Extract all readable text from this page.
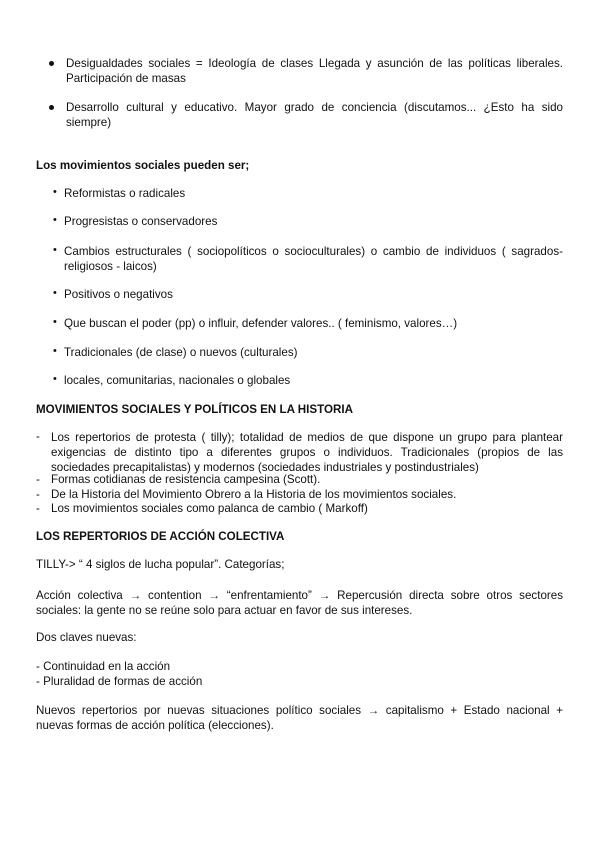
Desigualdades sociales = Ideología de clases Llegada y asunción de las políticas liberales. Participación de masas
Desarrollo cultural y educativo. Mayor grado de conciencia (discutamos... ¿Esto ha sido siempre)
Los movimientos sociales pueden ser;
• Reformistas o radicales
• Progresistas o conservadores
• Cambios estructurales ( sociopolíticos o socioculturales) o cambio de individuos ( sagrados-religiosos - laicos)
• Positivos o negativos
• Que buscan el poder (pp) o influir, defender valores.. ( feminismo, valores…)
• Tradicionales (de clase) o nuevos (culturales)
• locales, comunitarias, nacionales o globales
MOVIMIENTOS SOCIALES Y POLÍTICOS EN LA HISTORIA
- Los repertorios de protesta ( tilly); totalidad de medios de que dispone un grupo para plantear exigencias de distinto tipo a diferentes grupos o individuos. Tradicionales (propios de las sociedades precapitalistas) y modernos (sociedades industriales y postindustriales)
- Formas cotidianas de resistencia campesina (Scott).
- De la Historia del Movimiento Obrero a la Historia de los movimientos sociales.
- Los movimientos sociales como palanca de cambio ( Markoff)
LOS REPERTORIOS DE ACCIÓN COLECTIVA
TILLY-> “ 4 siglos de lucha popular”. Categorías;
Acción colectiva → contention → “enfrentamiento” → Repercusión directa sobre otros sectores sociales: la gente no se reúne solo para actuar en favor de sus intereses.
Dos claves nuevas:
- Continuidad en la acción
- Pluralidad de formas de acción
Nuevos repertorios por nuevas situaciones político sociales → capitalismo + Estado nacional + nuevas formas de acción política (elecciones).
